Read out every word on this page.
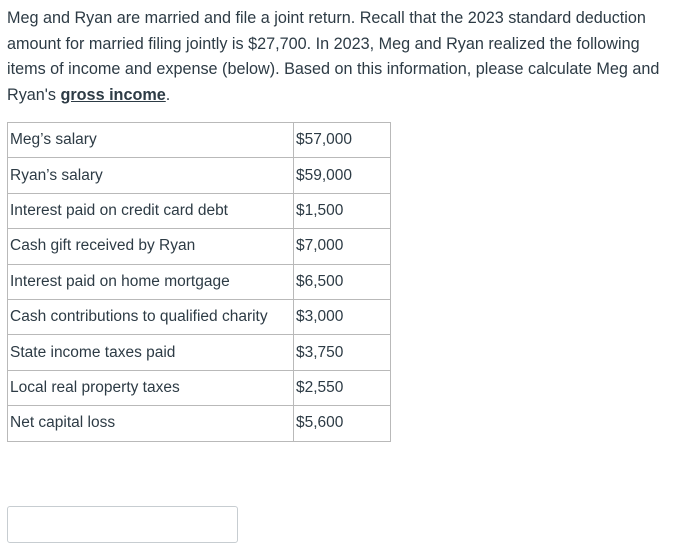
Meg and Ryan are married and file a joint return. Recall that the 2023 standard deduction amount for married filing jointly is $27,700. In 2023, Meg and Ryan realized the following items of income and expense (below). Based on this information, please calculate Meg and Ryan's gross income.

Meg’s salary	$57,000
Ryan’s salary	$59,000
Interest paid on credit card debt	$1,500
Cash gift received by Ryan	$7,000
Interest paid on home mortgage	$6,500
Cash contributions to qualified charity	$3,000
State income taxes paid	$3,750
Local real property taxes	$2,550
Net capital loss	$5,600
